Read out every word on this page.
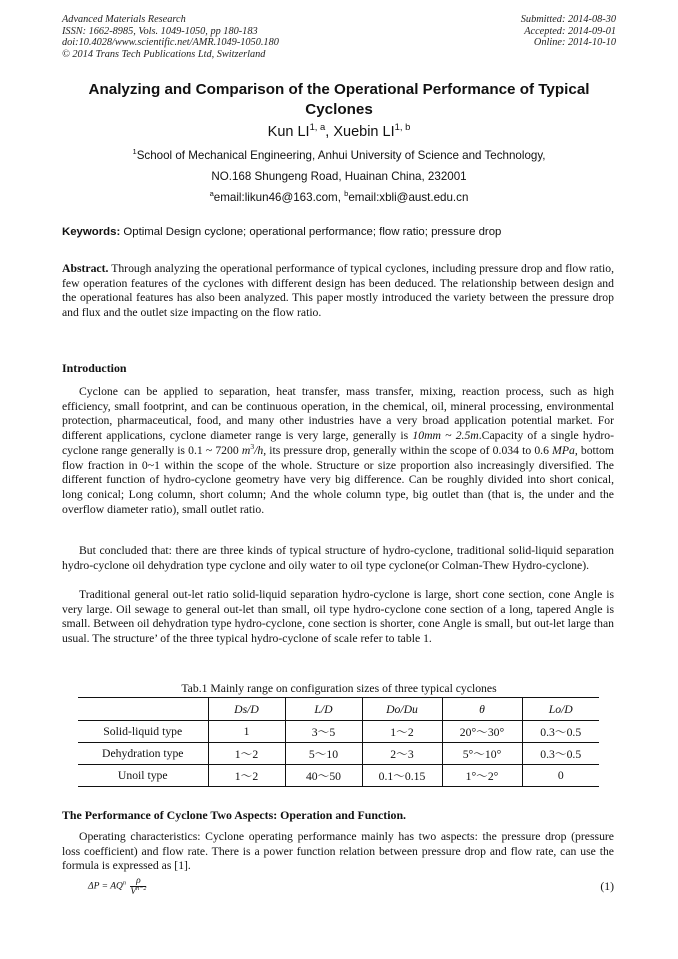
Advanced Materials Research
ISSN: 1662-8985, Vols. 1049-1050, pp 180-183
doi:10.4028/www.scientific.net/AMR.1049-1050.180
© 2014 Trans Tech Publications Ltd, Switzerland
Submitted: 2014-08-30
Accepted: 2014-09-01
Online: 2014-10-10
Analyzing and Comparison of the Operational Performance of Typical
Cyclones
Kun LI$^{1, a}$, Xuebin LI$^{1, b}$
$^1$School of Mechanical Engineering, Anhui University of Science and Technology,
NO.168 Shungeng Road, Huainan China, 232001
$^a$email:likun46@163.com, $^b$email:xbli@aust.edu.cn
Keywords: Optimal Design cyclone; operational performance; flow ratio; pressure drop
Abstract. Through analyzing the operational performance of typical cyclones, including pressure drop and flow ratio, few operation features of the cyclones with different design has been deduced. The relationship between design and the operational features has also been analyzed. This paper mostly introduced the variety between the pressure drop and flux and the outlet size impacting on the flow ratio.
Introduction
Cyclone can be applied to separation, heat transfer, mass transfer, mixing, reaction process, such as high efficiency, small footprint, and can be continuous operation, in the chemical, oil, mineral processing, environmental protection, pharmaceutical, food, and many other industries have a very broad application potential market. For different applications, cyclone diameter range is very large, generally is 10mm ~ 2.5m.Capacity of a single hydro-cyclone range generally is 0.1 ~ 7200 $m^3/h$, its pressure drop, generally within the scope of 0.034 to 0.6 MPa, bottom flow fraction in 0~1 within the scope of the whole. Structure or size proportion also increasingly diversified. The different function of hydro-cyclone geometry have very big difference. Can be roughly divided into short conical, long conical; Long column, short column; And the whole column type, big outlet than (that is, the under and the overflow diameter ratio), small outlet ratio.
But concluded that: there are three kinds of typical structure of hydro-cyclone, traditional solid-liquid separation hydro-cyclone oil dehydration type cyclone and oily water to oil type cyclone(or Colman-Thew Hydro-cyclone).
Traditional general out-let ratio solid-liquid separation hydro-cyclone is large, short cone section, cone Angle is very large. Oil sewage to general out-let than small, oil type hydro-cyclone cone section of a long, tapered Angle is small. Between oil dehydration type hydro-cyclone, cone section is shorter, cone Angle is small, but out-let large than usual. The structure’ of the three typical hydro-cyclone of scale refer to table 1.
Tab.1 Mainly range on configuration sizes of three typical cyclones
	Ds/D	L/D	Do/Du	θ	Lo/D
Solid-liquid type	1	3～5	1～2	20°～30°	0.3～0.5
Dehydration type	1～2	5～10	2～3	5°～10°	0.3～0.5
Unoil type	1～2	40～50	0.1～0.15	1°～2°	0
The Performance of Cyclone Two Aspects: Operation and Function.
Operating characteristics: Cyclone operating performance mainly has two aspects: the pressure drop (pressure loss coefficient) and flow rate. There is a power function relation between pressure drop and flow rate, can use the formula is expressed as [1].
$\Delta P = AQ^n \frac{\rho}{V^{n-2}}$	(1)
